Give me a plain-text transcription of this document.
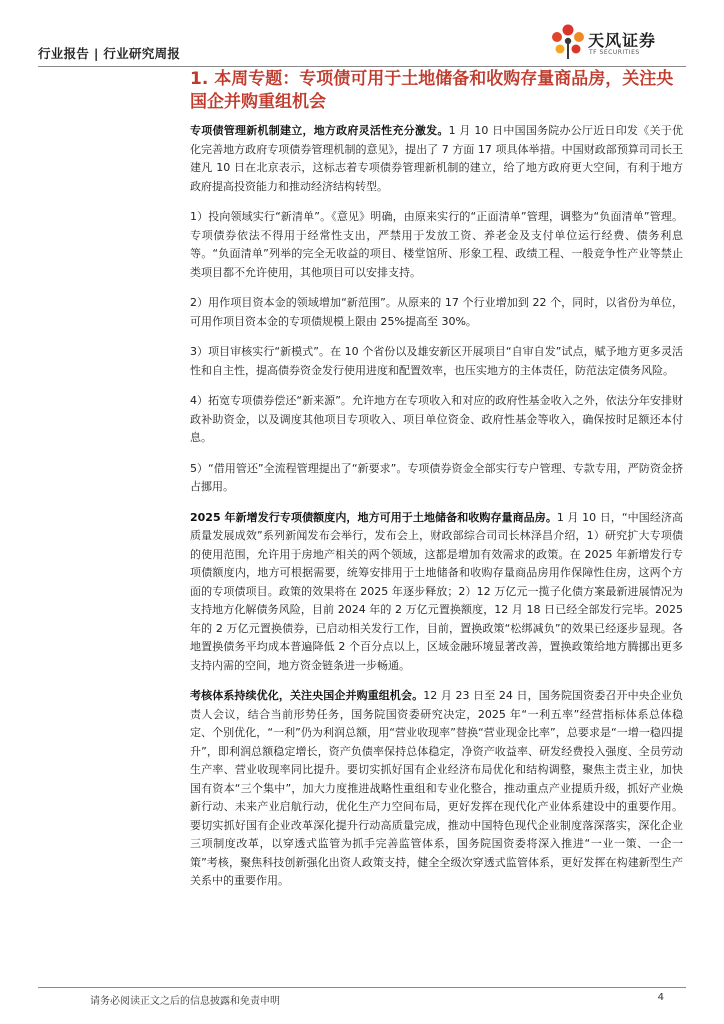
行业报告 | 行业研究周报
天风证券
TF SECURITIES
1. 本周专题：专项债可用于土地储备和收购存量商品房，关注央国企并购重组机会

专项债管理新机制建立，地方政府灵活性充分激发。1 月 10 日中国国务院办公厅近日印发《关于优化完善地方政府专项债券管理机制的意见》，提出了 7 方面 17 项具体举措。中国财政部预算司司长王建凡 10 日在北京表示，这标志着专项债券管理新机制的建立，给了地方政府更大空间，有利于地方政府提高投资能力和推动经济结构转型。

1）投向领域实行“新清单”。《意见》明确，由原来实行的“正面清单”管理，调整为“负面清单”管理。专项债券依法不得用于经常性支出，严禁用于发放工资、养老金及支付单位运行经费、债务利息等。“负面清单”列举的完全无收益的项目、楼堂馆所、形象工程、政绩工程、一般竞争性产业等禁止类项目都不允许使用，其他项目可以安排支持。

2）用作项目资本金的领域增加“新范围”。从原来的 17 个行业增加到 22 个，同时，以省份为单位，可用作项目资本金的专项债规模上限由 25%提高至 30%。

3）项目审核实行“新模式”。在 10 个省份以及雄安新区开展项目“自审自发”试点，赋予地方更多灵活性和自主性，提高债券资金发行使用进度和配置效率，也压实地方的主体责任，防范法定债务风险。

4）拓宽专项债券偿还“新来源”。允许地方在专项收入和对应的政府性基金收入之外，依法分年安排财政补助资金，以及调度其他项目专项收入、项目单位资金、政府性基金等收入，确保按时足额还本付息。

5）“借用管还”全流程管理提出了“新要求”。专项债券资金全部实行专户管理、专款专用，严防资金挤占挪用。

2025 年新增发行专项债额度内，地方可用于土地储备和收购存量商品房。1 月 10 日，“中国经济高质量发展成效”系列新闻发布会举行，发布会上，财政部综合司司长林泽昌介绍，1）研究扩大专项债的使用范围，允许用于房地产相关的两个领域，这都是增加有效需求的政策。在 2025 年新增发行专项债额度内，地方可根据需要，统筹安排用于土地储备和收购存量商品房用作保障性住房，这两个方面的专项债项目。政策的效果将在 2025 年逐步释放；2）12 万亿元一揽子化债方案最新进展情况为支持地方化解债务风险，目前 2024 年的 2 万亿元置换额度，12 月 18 日已经全部发行完毕。2025 年的 2 万亿元置换债券，已启动相关发行工作，目前，置换政策“松绑减负”的效果已经逐步显现。各地置换债务平均成本普遍降低 2 个百分点以上，区域金融环境显著改善，置换政策给地方腾挪出更多支持内需的空间，地方资金链条进一步畅通。

考核体系持续优化，关注央国企并购重组机会。12 月 23 日至 24 日，国务院国资委召开中央企业负责人会议，结合当前形势任务，国务院国资委研究决定，2025 年“一利五率”经营指标体系总体稳定、个别优化，“一利”仍为利润总额，用“营业收现率”替换“营业现金比率”，总要求是“一增一稳四提升”，即利润总额稳定增长，资产负债率保持总体稳定，净资产收益率、研发经费投入强度、全员劳动生产率、营业收现率同比提升。要切实抓好国有企业经济布局优化和结构调整，聚焦主责主业，加快国有资本“三个集中”，加大力度推进战略性重组和专业化整合，推动重点产业提质升级，抓好产业焕新行动、未来产业启航行动，优化生产力空间布局，更好发挥在现代化产业体系建设中的重要作用。要切实抓好国有企业改革深化提升行动高质量完成，推动中国特色现代企业制度落深落实，深化企业三项制度改革，以穿透式监管为抓手完善监管体系，国务院国资委将深入推进“一业一策、一企一策”考核，聚焦科技创新强化出资人政策支持，健全全级次穿透式监管体系，更好发挥在构建新型生产关系中的重要作用。

请务必阅读正文之后的信息披露和免责申明	4
